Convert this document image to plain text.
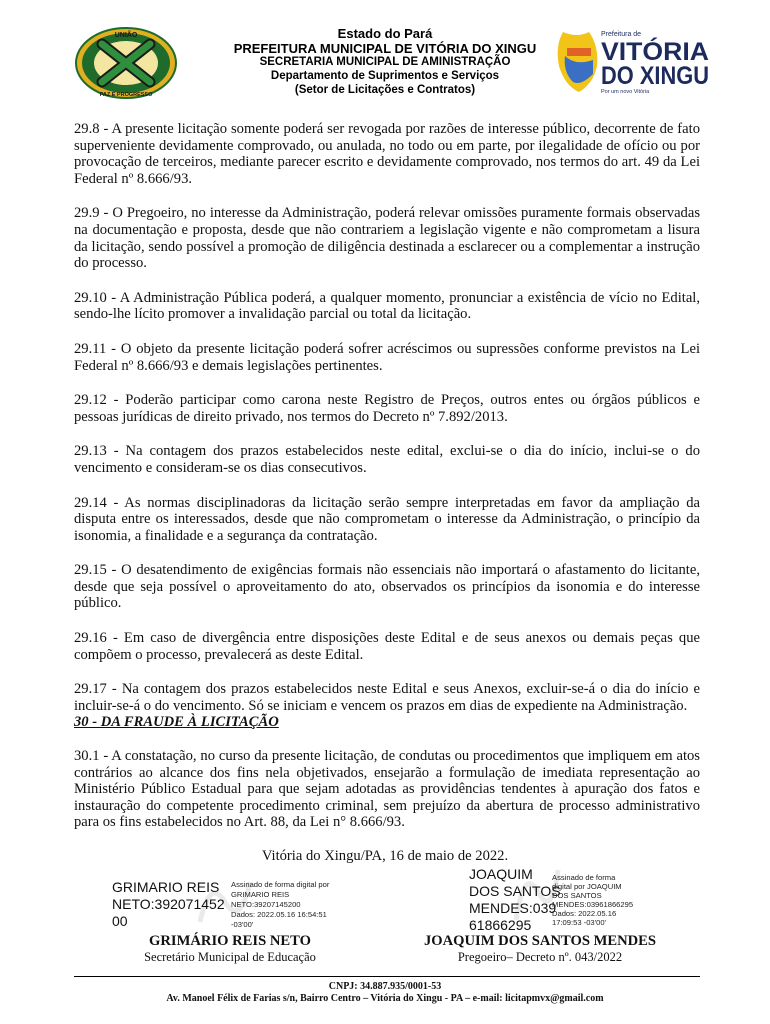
UNIÃO
PAZ E PROGRESSO
Estado do Pará
PREFEITURA MUNICIPAL DE VITÓRIA DO XINGU
SECRETARIA MUNICIPAL DE AMINISTRAÇÃO
Departamento de Suprimentos e Serviços
(Setor de Licitações e Contratos)
Prefeitura de
VITÓRIA
DO XINGU
Por um novo Vitória

29.8 - A presente licitação somente poderá ser revogada por razões de interesse público, decorrente de fato superveniente devidamente comprovado, ou anulada, no todo ou em parte, por ilegalidade de ofício ou por provocação de terceiros, mediante parecer escrito e devidamente comprovado, nos termos do art. 49 da Lei Federal nº 8.666/93.

29.9 - O Pregoeiro, no interesse da Administração, poderá relevar omissões puramente formais observadas na documentação e proposta, desde que não contrariem a legislação vigente e não comprometam a lisura da licitação, sendo possível a promoção de diligência destinada a esclarecer ou a complementar a instrução do processo.

29.10 - A Administração Pública poderá, a qualquer momento, pronunciar a existência de vício no Edital, sendo-lhe lícito promover a invalidação parcial ou total da licitação.

29.11 - O objeto da presente licitação poderá sofrer acréscimos ou supressões conforme previstos na Lei Federal nº 8.666/93 e demais legislações pertinentes.

29.12 - Poderão participar como carona neste Registro de Preços, outros entes ou órgãos públicos e pessoas jurídicas de direito privado, nos termos do Decreto nº 7.892/2013.

29.13 - Na contagem dos prazos estabelecidos neste edital, exclui-se o dia do início, inclui-se o do vencimento e consideram-se os dias consecutivos.

29.14 - As normas disciplinadoras da licitação serão sempre interpretadas em favor da ampliação da disputa entre os interessados, desde que não comprometam o interesse da Administração, o princípio da isonomia, a finalidade e a segurança da contratação.

29.15 - O desatendimento de exigências formais não essenciais não importará o afastamento do licitante, desde que seja possível o aproveitamento do ato, observados os princípios da isonomia e do interesse público.

29.16 - Em caso de divergência entre disposições deste Edital e de seus anexos ou demais peças que compõem o processo, prevalecerá as deste Edital.

29.17 - Na contagem dos prazos estabelecidos neste Edital e seus Anexos, excluir-se-á o dia do início e incluir-se-á o do vencimento. Só se iniciam e vencem os prazos em dias de expediente na Administração.

30 - DA FRAUDE À LICITAÇÃO

30.1 - A constatação, no curso da presente licitação, de condutas ou procedimentos que impliquem em atos contrários ao alcance dos fins nela objetivados, ensejarão a formulação de imediata representação ao Ministério Público Estadual para que sejam adotadas as providências tendentes à apuração dos fatos e instauração do competente procedimento criminal, sem prejuízo da abertura de processo administrativo para os fins estabelecidos no Art. 88, da Lei n° 8.666/93.

Vitória do Xingu/PA, 16 de maio de 2022.
GRIMARIO REIS
NETO:392071452
00
Assinado de forma digital por
GRIMARIO REIS
NETO:39207145200
Dados: 2022.05.16 16:54:51
-03'00'
GRIMÁRIO REIS NETO
Secretário Municipal de Educação
JOAQUIM
DOS SANTOS
MENDES:039
61866295
Assinado de forma
digital por JOAQUIM
DOS SANTOS
MENDES:03961866295
Dados: 2022.05.16
17:09:53 -03'00'
JOAQUIM DOS SANTOS MENDES
Pregoeiro– Decreto nº. 043/2022
CNPJ: 34.887.935/0001-53
Av. Manoel Félix de Farias s/n, Bairro Centro – Vitória do Xingu - PA – e-mail: licitapmvx@gmail.com
